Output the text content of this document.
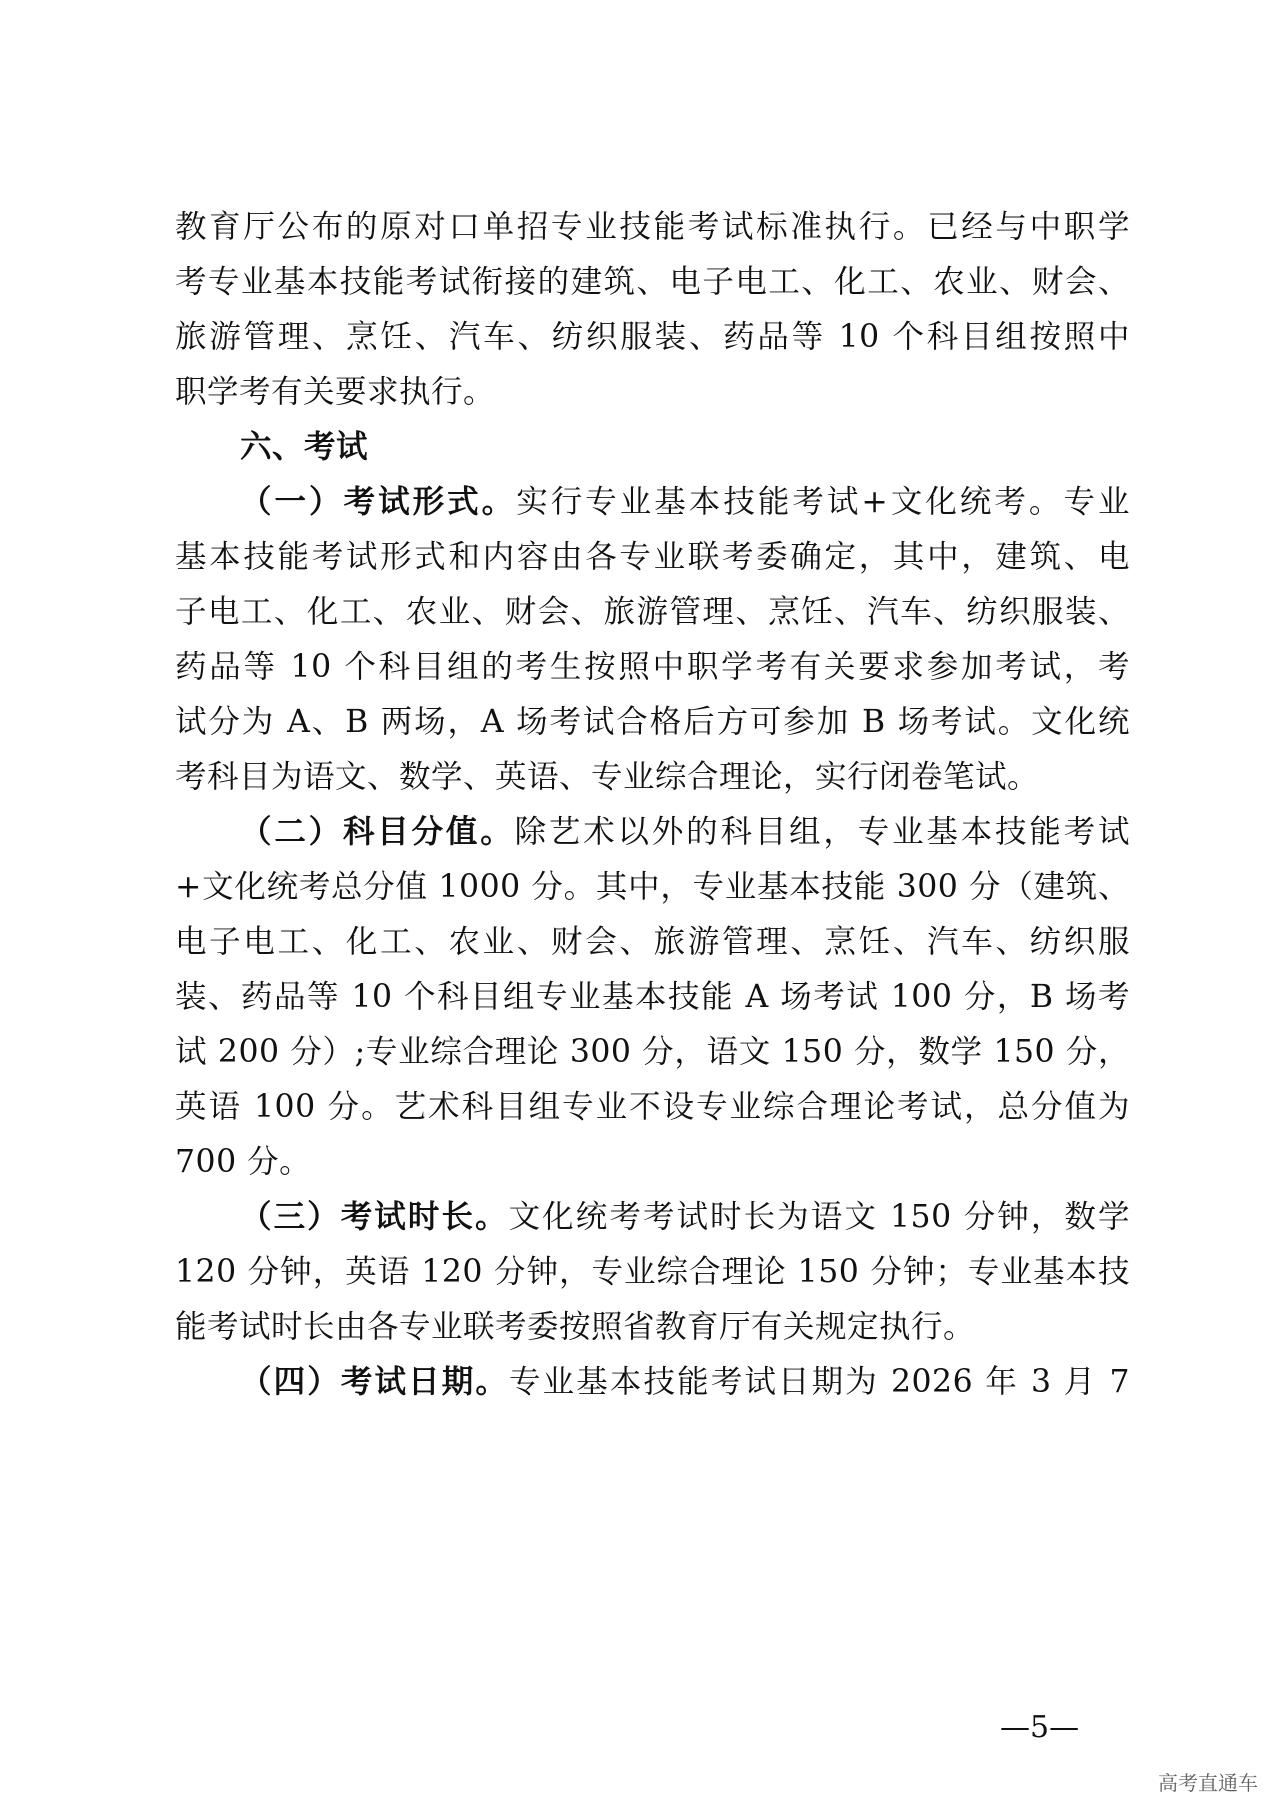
教育厅公布的原对口单招专业技能考试标准执行。已经与中职学
考专业基本技能考试衔接的建筑、电子电工、化工、农业、财会、
旅游管理、烹饪、汽车、纺织服装、药品等 10 个科目组按照中
职学考有关要求执行。
六、考试
（一）考试形式。实行专业基本技能考试+文化统考。专业
基本技能考试形式和内容由各专业联考委确定，其中，建筑、电
子电工、化工、农业、财会、旅游管理、烹饪、汽车、纺织服装、
药品等 10 个科目组的考生按照中职学考有关要求参加考试，考
试分为 A、B 两场，A 场考试合格后方可参加 B 场考试。文化统
考科目为语文、数学、英语、专业综合理论，实行闭卷笔试。
（二）科目分值。除艺术以外的科目组，专业基本技能考试
+文化统考总分值 1000 分。其中，专业基本技能 300 分（建筑、
电子电工、化工、农业、财会、旅游管理、烹饪、汽车、纺织服
装、药品等 10 个科目组专业基本技能 A 场考试 100 分，B 场考
试 200 分）;专业综合理论 300 分，语文 150 分，数学 150 分，
英语 100 分。艺术科目组专业不设专业综合理论考试，总分值为
700 分。
（三）考试时长。文化统考考试时长为语文 150 分钟，数学
120 分钟，英语 120 分钟，专业综合理论 150 分钟；专业基本技
能考试时长由各专业联考委按照省教育厅有关规定执行。
（四）考试日期。专业基本技能考试日期为 2026 年 3 月 7
—5—
高考直通车
